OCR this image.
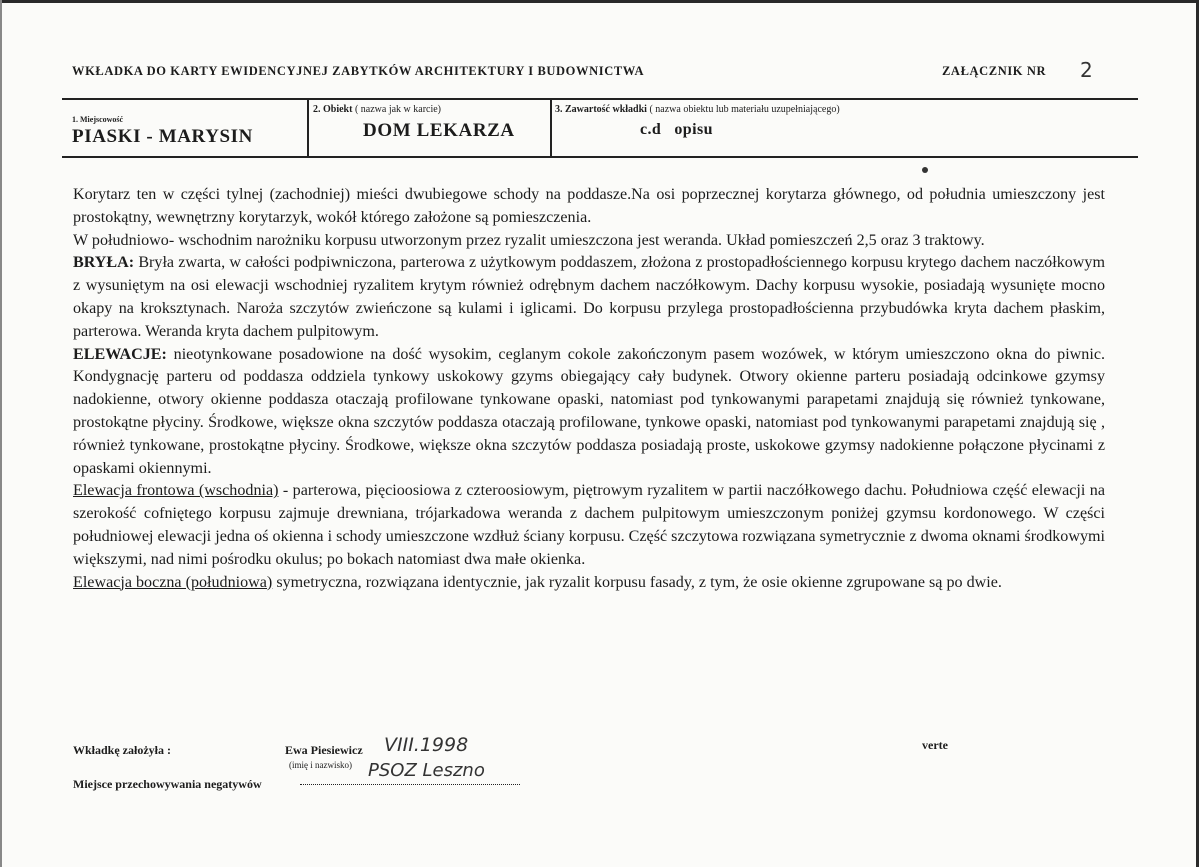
WKŁADKA DO KARTY EWIDENCYJNEJ ZABYTKÓW ARCHITEKTURY I BUDOWNICTWA	ZAŁĄCZNIK NR 2
1. Miejscowość
PIASKI - MARYSIN
2. Obiekt ( nazwa jak w karcie)
DOM LEKARZA
3. Zawartość wkładki ( nazwa obiektu lub materiału uzupełniającego)
c.d   opisu

Korytarz ten w części tylnej (zachodniej) mieści dwubiegowe schody na poddasze.Na osi poprzecznej korytarza głównego, od południa umieszczony jest prostokątny, wewnętrzny korytarzyk, wokół którego założone są pomieszczenia.

W południowo- wschodnim narożniku korpusu utworzonym przez ryzalit umieszczona jest weranda. Układ pomieszczeń 2,5 oraz 3 traktowy.

BRYŁA: Bryła zwarta, w całości podpiwniczona, parterowa z użytkowym poddaszem, złożona z prostopadłościennego korpusu krytego dachem naczółkowym z wysuniętym na osi elewacji wschodniej ryzalitem krytym również odrębnym dachem naczółkowym. Dachy korpusu wysokie, posiadają wysunięte mocno okapy na kroksztynach. Naroża szczytów zwieńczone są kulami i iglicami. Do korpusu przylega prostopadłościenna przybudówka kryta dachem płaskim, parterowa. Weranda kryta dachem pulpitowym.

ELEWACJE: nieotynkowane posadowione na dość wysokim, ceglanym cokole zakończonym pasem wozówek, w którym umieszczono okna do piwnic. Kondygnację parteru od poddasza oddziela tynkowy uskokowy gzyms obiegający cały budynek. Otwory okienne parteru posiadają odcinkowe gzymsy nadokienne, otwory okienne poddasza otaczają profilowane tynkowane opaski, natomiast pod tynkowanymi parapetami znajdują się również tynkowane, prostokątne płyciny. Środkowe, większe okna szczytów poddasza otaczają profilowane, tynkowe opaski, natomiast pod tynkowanymi parapetami znajdują się , również tynkowane, prostokątne płyciny. Środkowe, większe okna szczytów poddasza posiadają proste, uskokowe gzymsy nadokienne połączone płycinami z opaskami okiennymi.

Elewacja frontowa (wschodnia) - parterowa, pięcioosiowa z czteroosiowym, piętrowym ryzalitem w partii naczółkowego dachu. Południowa część elewacji na szerokość cofniętego korpusu zajmuje drewniana, trójarkadowa weranda z dachem pulpitowym umieszczonym poniżej gzymsu kordonowego. W części południowej elewacji jedna oś okienna i schody umieszczone wzdłuż ściany korpusu. Część szczytowa rozwiązana symetrycznie z dwoma oknami środkowymi większymi, nad nimi pośrodku okulus; po bokach natomiast dwa małe okienka.

Elewacja boczna (południowa) symetryczna, rozwiązana identycznie, jak ryzalit korpusu fasady, z tym, że osie okienne zgrupowane są po dwie.

Wkładkę założyła :	Ewa Piesiewicz VIII.1998
(imię i nazwisko)
Miejsce przechowywania negatywów
PSOZ Leszno
verte
